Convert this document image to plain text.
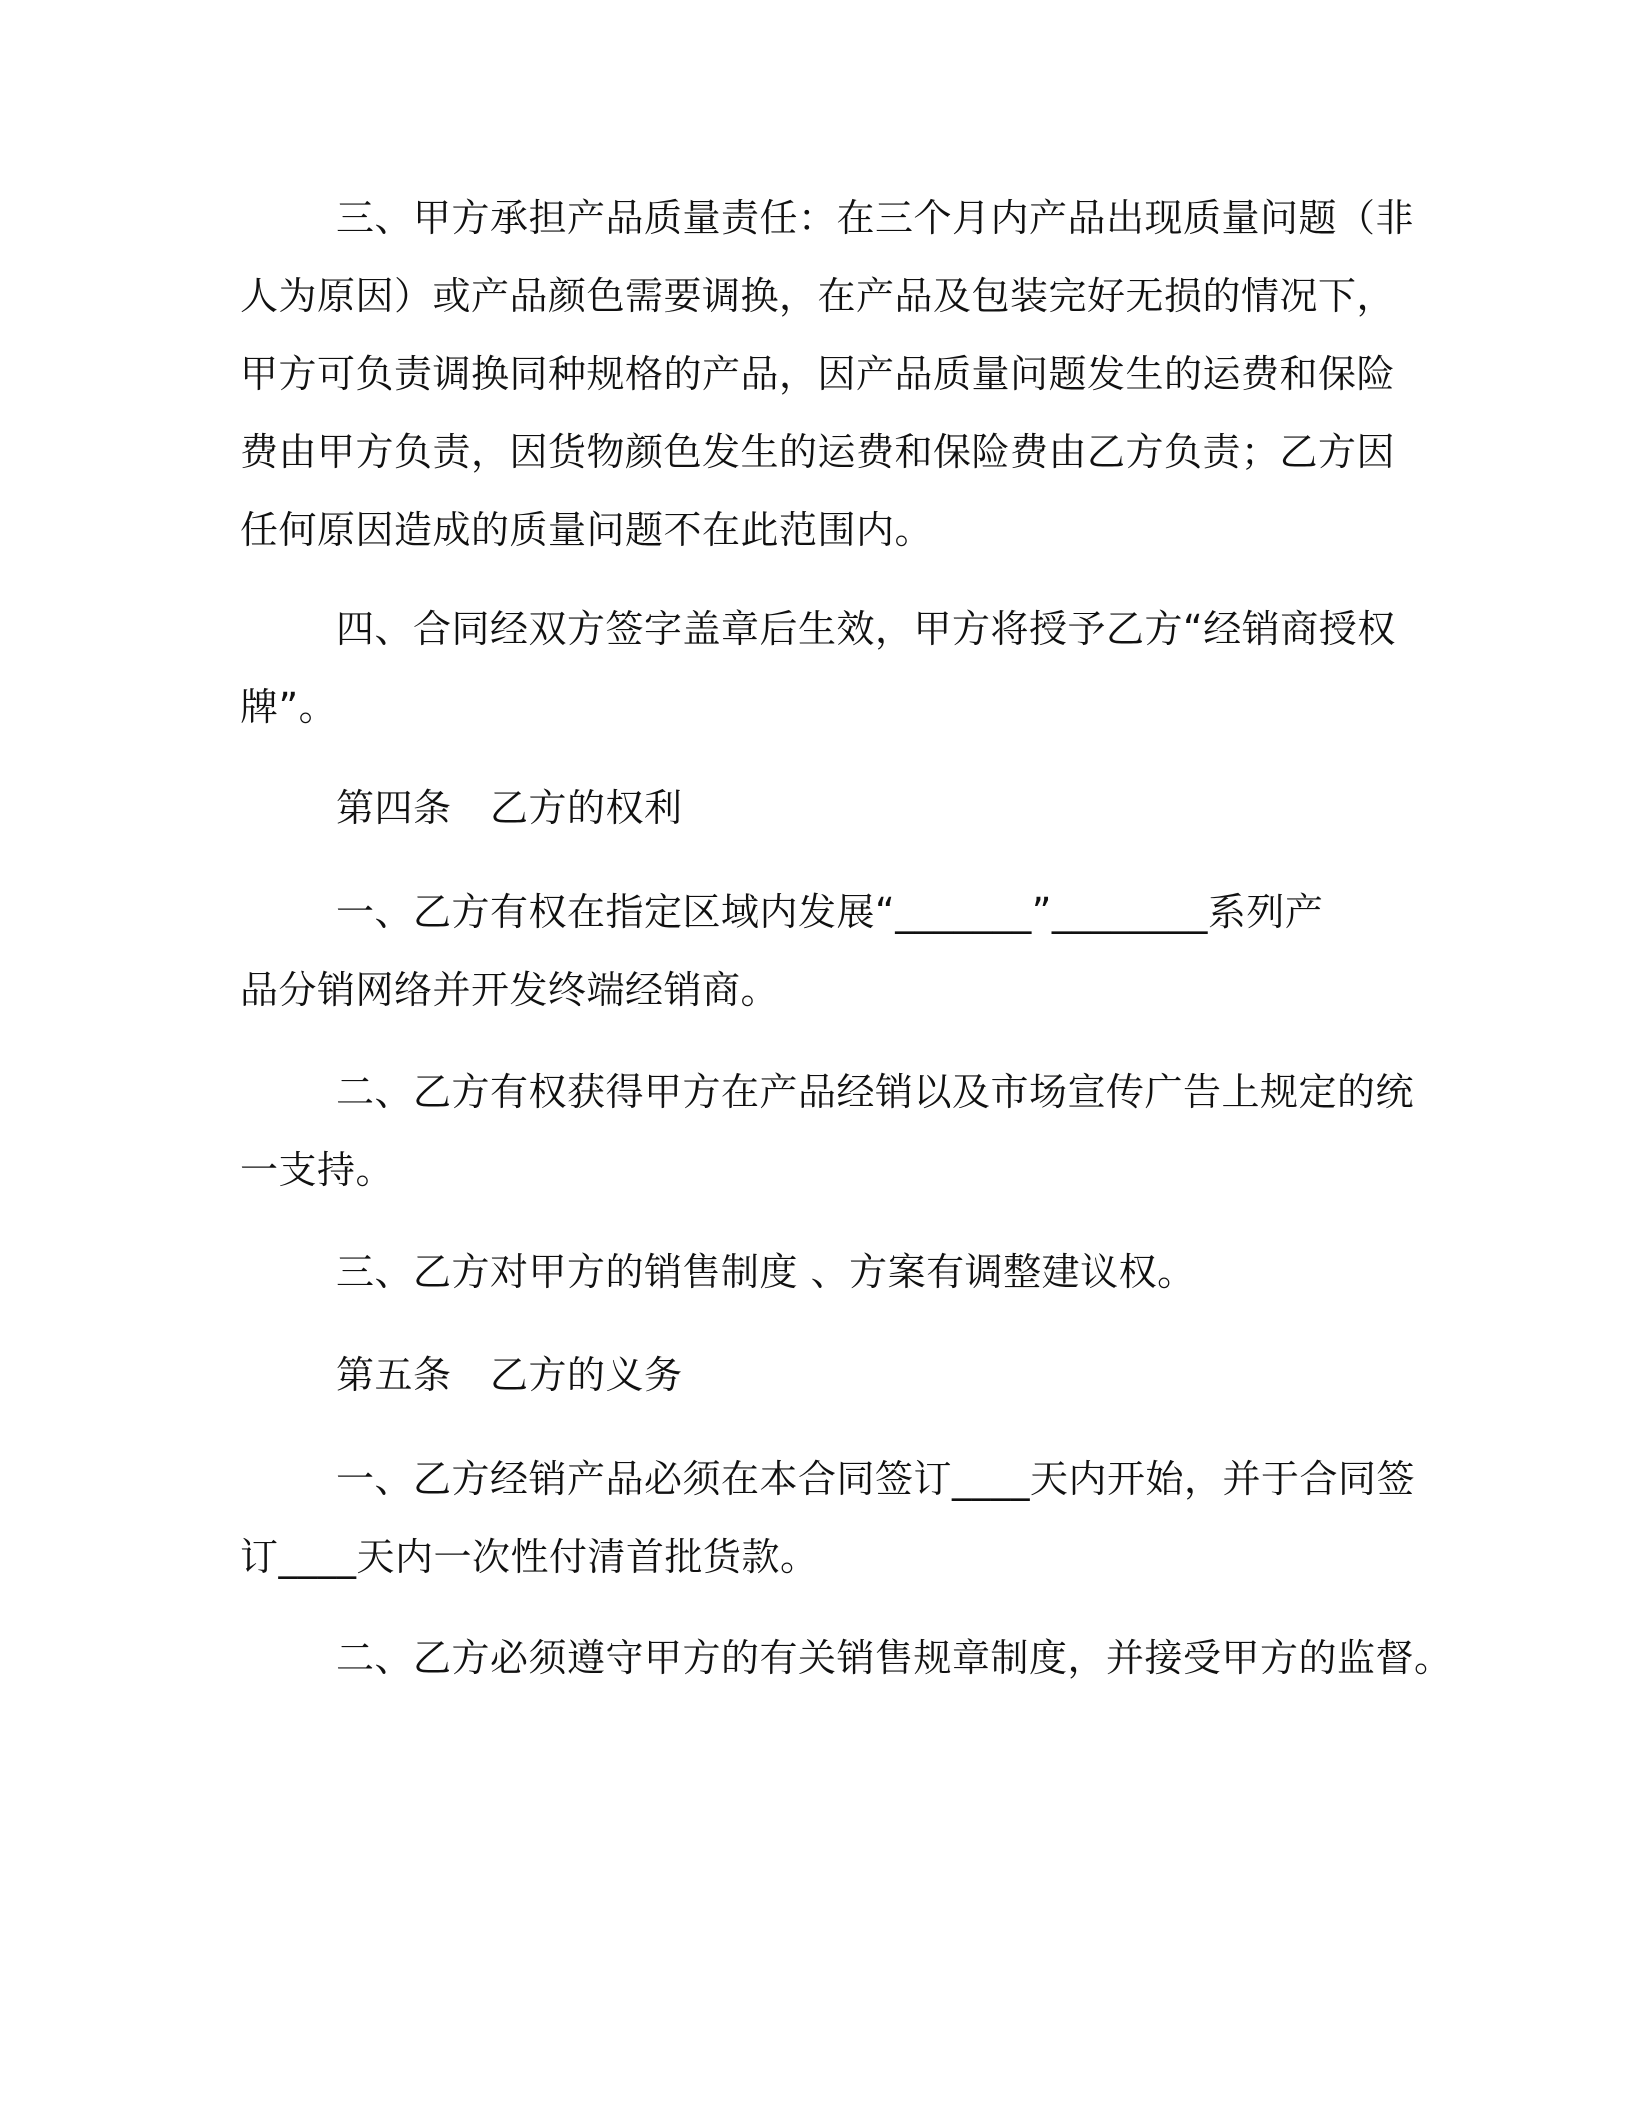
三、甲方承担产品质量责任：在三个月内产品出现质量问题（非
人为原因）或产品颜色需要调换，在产品及包装完好无损的情况下，
甲方可负责调换同种规格的产品，因产品质量问题发生的运费和保险
费由甲方负责，因货物颜色发生的运费和保险费由乙方负责；乙方因
任何原因造成的质量问题不在此范围内。
四、合同经双方签字盖章后生效，甲方将授予乙方“经销商授权
牌”。
第四条　乙方的权利
一、乙方有权在指定区域内发展“_______”________系列产
品分销网络并开发终端经销商。
二、乙方有权获得甲方在产品经销以及市场宣传广告上规定的统
一支持。
三、乙方对甲方的销售制度 、方案有调整建议权。
第五条　乙方的义务
一、乙方经销产品必须在本合同签订____天内开始，并于合同签
订____天内一次性付清首批货款。
二、乙方必须遵守甲方的有关销售规章制度，并接受甲方的监督。
